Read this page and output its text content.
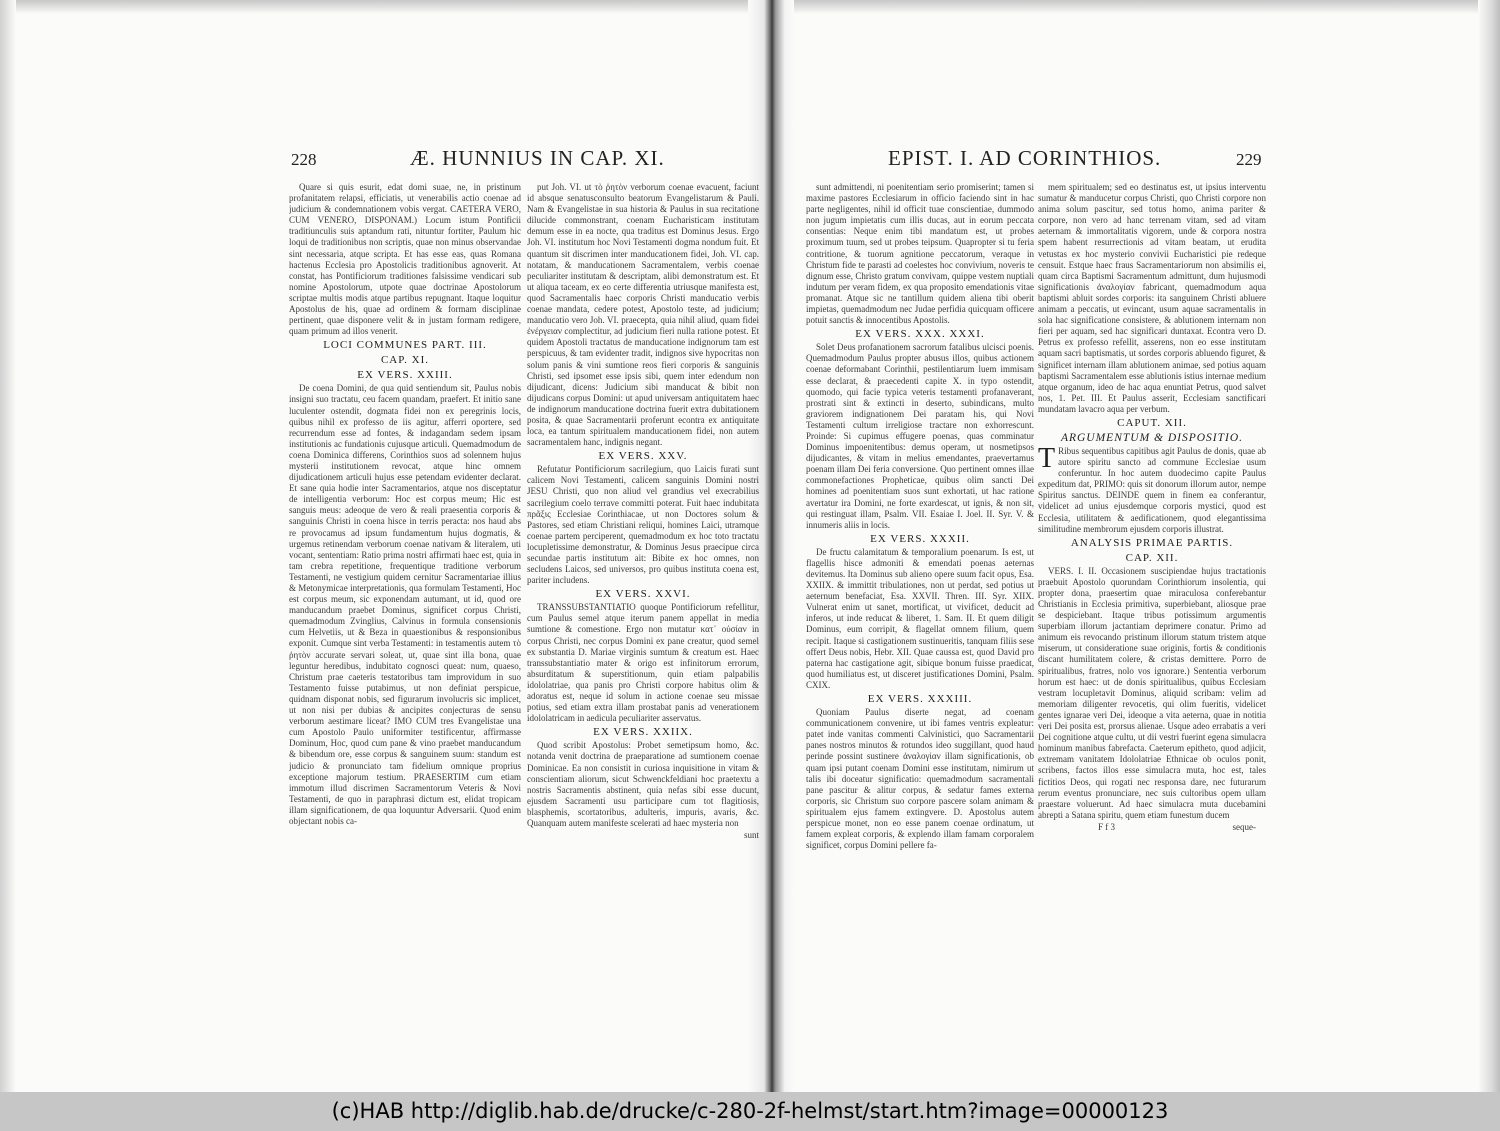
228	Æ. HUNNIUS IN CAP. XI.

Quare si quis esurit, edat domi suae, ne, in pristinum profanitatem relapsi, efficiatis, ut venerabilis actio coenae ad judicium & condemnationem vobis vergat. CAETERA VERO, CUM VENERO, DISPONAM.) Locum istum Pontificii traditiunculis suis aptandum rati, nituntur fortiter, Paulum hic loqui de traditionibus non scriptis, quae non minus observandae sint necessaria, atque scripta. Et has esse eas, quas Romana hactenus Ecclesia pro Apostolicis traditionibus agnoverit. At constat, has Pontificiorum traditiones falsissime vendicari sub nomine Apostolorum, utpote quae doctrinae Apostolorum scriptae multis modis atque partibus repugnant. Itaque loquitur Apostolus de his, quae ad ordinem & formam disciplinae pertinent, quae disponere velit & in justam formam redigere, quam primum ad illos venerit.

LOCI COMMUNES PART. III.
CAP. XI.
EX VERS. XXIII.

De coena Domini, de qua quid sentiendum sit, Paulus nobis insigni suo tractatu, ceu facem quandam, praefert. Et initio sane luculenter ostendit, dogmata fidei non ex peregrinis locis, quibus nihil ex professo de iis agitur, afferri oportere, sed recurrendum esse ad fontes, & indagandam sedem ipsam institutionis ac fundationis cujusque articuli. Quemadmodum de coena Dominica differens, Corinthios suos ad solennem hujus mysterii institutionem revocat, atque hinc omnem dijudicationem articuli hujus esse petendam evidenter declarat. Et sane quia hodie inter Sacramentarios, atque nos disceptatur de intelligentia verborum: Hoc est corpus meum; Hic est sanguis meus: adeoque de vero & reali praesentia corporis & sanguinis Christi in coena hisce in terris peracta: nos haud abs re provocamus ad ipsum fundamentum hujus dogmatis, & urgemus retinendam verborum coenae nativam & literalem, uti vocant, sententiam: Ratio prima nostri affirmati haec est, quia in tam crebra repetitione, frequentique traditione verborum Testamenti, ne vestigium quidem cernitur Sacramentariae illius & Metonymicae interpretationis, qua formulam Testamenti, Hoc est corpus meum, sic exponendam autumant, ut id, quod ore manducandum praebet Dominus, significet corpus Christi, quemadmodum Zvinglius, Calvinus in formula consensionis cum Helvetiis, ut & Beza in quaestionibus & responsionibus exponit. Cumque sint verba Testamenti: in testamentis autem τὸ ῥητὸν accurate servari soleat, ut, quae sint illa bona, quae leguntur heredibus, indubitato cognosci queat: num, quaeso, Christum prae caeteris testatoribus tam improvidum in suo Testamento fuisse putabimus, ut non definiat perspicue, quidnam disponat nobis, sed figurarum involucris sic implicet, ut non nisi per dubias & ancipites conjecturas de sensu verborum aestimare liceat? IMO CUM tres Evangelistae una cum Apostolo Paulo uniformiter testificentur, affirmasse Dominum, Hoc, quod cum pane & vino praebet manducandum & bibendum ore, esse corpus & sanguinem suum: standum est judicio & pronunciato tam fidelium omnique proprius exceptione majorum testium. PRAESERTIM cum etiam immotum illud discrimen Sacramentorum Veteris & Novi Testamenti, de quo in paraphrasi dictum est, elidat tropicam illam significationem, de qua loquuntur Adversarii. Quod enim objectant nobis ca-

put Joh. VI. ut τὸ ῥητὸν verborum coenae evacuent, faciunt id absque senatusconsulto beatorum Evangelistarum & Pauli. Nam & Evangelistae in sua historia & Paulus in sua recitatione dilucide commonstrant, coenam Eucharisticam institutam demum esse in ea nocte, qua traditus est Dominus Jesus. Ergo Joh. VI. institutum hoc Novi Testamenti dogma nondum fuit. Et quantum sit discrimen inter manducationem fidei, Joh. VI. cap. notatam, & manducationem Sacramentalem, verbis coenae peculiariter institutam & descriptam, alibi demonstratum est. Et ut aliqua taceam, ex eo certe differentia utriusque manifesta est, quod Sacramentalis haec corporis Christi manducatio verbis coenae mandata, cedere potest, Apostolo teste, ad judicium; manducatio vero Joh. VI. praecepta, quia nihil aliud, quam fidei ἐνέργειαν complectitur, ad judicium fieri nulla ratione potest. Et quidem Apostoli tractatus de manducatione indignorum tam est perspicuus, & tam evidenter tradit, indignos sive hypocritas non solum panis & vini sumtione reos fieri corporis & sanguinis Christi, sed ipsomet esse ipsis sibi, quem inter edendum non dijudicant, dicens: Judicium sibi manducat & bibit non dijudicans corpus Domini: ut apud universam antiquitatem haec de indignorum manducatione doctrina fuerit extra dubitationem posita, & quae Sacramentarii proferunt econtra ex antiquitate loca, ea tantum spiritualem manducationem fidei, non autem sacramentalem hanc, indignis negant.

EX VERS. XXV.

Refutatur Pontificiorum sacrilegium, quo Laicis furati sunt calicem Novi Testamenti, calicem sanguinis Domini nostri JESU Christi, quo non aliud vel grandius vel execrabilius sacrilegium coelo terrave committi poterat. Fuit haec indubitata πρᾶξις Ecclesiae Corinthiacae, ut non Doctores solum & Pastores, sed etiam Christiani reliqui, homines Laici, utramque coenae partem perciperent, quemadmodum ex hoc toto tractatu locupletissime demonstratur, & Dominus Jesus praecipue circa secundae partis institutum ait: Bibite ex hoc omnes, non secludens Laicos, sed universos, pro quibus instituta coena est, pariter includens.

EX VERS. XXVI.

TRANSSUBSTANTIATIO quoque Pontificiorum refellitur, cum Paulus semel atque iterum panem appellat in media sumtione & comestione. Ergo non mutatur κατ᾽ οὐσίαν in corpus Christi, nec corpus Domini ex pane creatur, quod semel ex substantia D. Mariae virginis sumtum & creatum est. Haec transsubstantiatio mater & origo est infinitorum errorum, absurditatum & superstitionum, quin etiam palpabilis idololatriae, qua panis pro Christi corpore habitus olim & adoratus est, neque id solum in actione coenae seu missae potius, sed etiam extra illam prostabat panis ad venerationem idololatricam in aedicula peculiariter asservatus.

EX VERS. XXIIX.

Quod scribit Apostolus: Probet semetipsum homo, &c. notanda venit doctrina de praeparatione ad sumtionem coenae Dominicae. Ea non consistit in curiosa inquisitione in vitam & conscientiam aliorum, sicut Schwenckfeldiani hoc praetextu a nostris Sacramentis abstinent, quia nefas sibi esse ducunt, ejusdem Sacramenti usu participare cum tot flagitiosis, blasphemis, scortatoribus, adulteris, impuris, avaris, &c. Quanquam autem manifeste scelerati ad haec mysteria non

sunt

EPIST. I. AD CORINTHIOS.	229

sunt admittendi, ni poenitentiam serio promiserint; tamen si maxime pastores Ecclesiarum in officio faciendo sint in hac parte negligentes, nihil id officit tuae conscientiae, dummodo non jugum impietatis cum illis ducas, aut in eorum peccata consentias: Neque enim tibi mandatum est, ut probes proximum tuum, sed ut probes teipsum. Quapropter si tu feria contritione, & tuorum agnitione peccatorum, veraque in Christum fide te parasti ad coelestes hoc convivium, noveris te dignum esse, Christo gratum convivam, quippe vestem nuptiali indutum per veram fidem, ex qua proposito emendationis vitae promanat. Atque sic ne tantillum quidem aliena tibi oberit impietas, quemadmodum nec Judae perfidia quicquam officere potuit sanctis & innocentibus Apostolis.

EX VERS. XXX. XXXI.

Solet Deus profanationem sacrorum fatalibus ulcisci poenis. Quemadmodum Paulus propter abusus illos, quibus actionem coenae deformabant Corinthii, pestilentiarum luem immisam esse declarat, & praecedenti capite X. in typo ostendit, quomodo, qui facie typica veteris testamenti profanaverant, prostrati sint & extincti in deserto, subindicans, multo graviorem indignationem Dei paratam his, qui Novi Testamenti cultum irreligiose tractare non exhorrescunt. Proinde: Si cupimus effugere poenas, quas comminatur Dominus impoenitentibus: demus operam, ut nosmetipsos dijudicantes, & vitam in melius emendantes, praevertamus poenam illam Dei feria conversione. Quo pertinent omnes illae commonefactiones Propheticae, quibus olim sancti Dei homines ad poenitentiam suos sunt exhortati, ut hac ratione avertatur ira Domini, ne forte exardescat, ut ignis, & non sit, qui restinguat illam, Psalm. VII. Esaiae I. Joel. II. Syr. V. & innumeris aliis in locis.

EX VERS. XXXII.

De fructu calamitatum & temporalium poenarum. Is est, ut flagellis hisce admoniti & emendati poenas aeternas devitemus. Ita Dominus sub alieno opere suum facit opus, Esa. XXIIX. & immittit tribulationes, non ut perdat, sed potius ut aeternum benefaciat, Esa. XXVII. Thren. III. Syr. XIIX. Vulnerat enim ut sanet, mortificat, ut vivificet, deducit ad inferos, ut inde reducat & liberet, 1. Sam. II. Et quem diligit Dominus, eum corripit, & flagellat omnem filium, quem recipit. Itaque si castigationem sustinueritis, tanquam filiis sese offert Deus nobis, Hebr. XII. Quae caussa est, quod David pro paterna hac castigatione agit, sibique bonum fuisse praedicat, quod humiliatus est, ut disceret justificationes Domini, Psalm. CXIX.

EX VERS. XXXIII.

Quoniam Paulus diserte negat, ad coenam communicationem convenire, ut ibi fames ventris expleatur: patet inde vanitas commenti Calvinistici, quo Sacramentarii panes nostros minutos & rotundos ideo suggillant, quod haud perinde possint sustinere ἀναλογίαν illam significationis, ob quam ipsi putant coenam Domini esse institutam, nimirum ut talis ibi doceatur significatio: quemadmodum sacramentali pane pascitur & alitur corpus, & sedatur fames externa corporis, sic Christum suo corpore pascere solam animam & spiritualem ejus famem extingvere. D. Apostolus autem perspicue monet, non eo esse panem coenae ordinatum, ut famem expleat corporis, & explendo illam famam corporalem significet, corpus Domini pellere fa-

mem spiritualem; sed eo destinatus est, ut ipsius interventu sumatur & manducetur corpus Christi, quo Christi corpore non anima solum pascitur, sed totus homo, anima pariter & corpore, non vero ad hanc terrenam vitam, sed ad vitam aeternam & immortalitatis vigorem, unde & corpora nostra spem habent resurrectionis ad vitam beatam, ut erudita vetustas ex hoc mysterio convivii Eucharistici pie redeque censuit. Estque haec fraus Sacramentariorum non absimilis ei, quam circa Baptismi Sacramentum admittunt, dum hujusmodi significationis ἀναλογίαν fabricant, quemadmodum aqua baptismi abluit sordes corporis: ita sanguinem Christi abluere animam a peccatis, ut evincant, usum aquae sacramentalis in sola hac significatione consistere, & ablutionem internam non fieri per aquam, sed hac significari duntaxat. Econtra vero D. Petrus ex professo refellit, asserens, non eo esse institutam aquam sacri baptismatis, ut sordes corporis abluendo figuret, & significet internam illam ablutionem animae, sed potius aquam baptismi Sacramentalem esse ablutionis istius internae medium atque organum, ideo de hac aqua enuntiat Petrus, quod salvet nos, 1. Pet. III. Et Paulus asserit, Ecclesiam sanctificari mundatam lavacro aqua per verbum.

CAPUT. XII.
ARGUMENTUM & DISPOSITIO.

T Ribus sequentibus capitibus agit Paulus de donis, quae ab autore spiritu sancto ad commune Ecclesiae usum conferuntur. In hoc autem duodecimo capite Paulus expeditum dat, PRIMO: quis sit donorum illorum autor, nempe Spiritus sanctus. DEINDE quem in finem ea conferantur, videlicet ad unius ejusdemque corporis mystici, quod est Ecclesia, utilitatem & aedificationem, quod elegantissima similitudine membrorum ejusdem corporis illustrat.

ANALYSIS PRIMAE PARTIS.
CAP. XII.

VERS. I. II. Occasionem suscipiendae hujus tractationis praebuit Apostolo quorundam Corinthiorum insolentia, qui propter dona, praesertim quae miraculosa conferebantur Christianis in Ecclesia primitiva, superbiebant, aliosque prae se despiciebant. Itaque tribus potissimum argumentis superbiam illorum jactantiam deprimere conatur. Primo ad animum eis revocando pristinum illorum statum tristem atque miserum, ut consideratione suae originis, fortis & conditionis discant humilitatem colere, & cristas demittere. Porro de spiritualibus, fratres, nolo vos ignorare.) Sententia verborum horum est haec: ut de donis spiritualibus, quibus Ecclesiam vestram locupletavit Dominus, aliquid scribam: velim ad memoriam diligenter revocetis, qui olim fueritis, videlicet gentes ignarae veri Dei, ideoque a vita aeterna, quae in notitia veri Dei posita est, prorsus alienae. Usque adeo errabatis a veri Dei cognitione atque cultu, ut dii vestri fuerint egena simulacra hominum manibus fabrefacta. Caeterum epitheto, quod adjicit, extremam vanitatem Idololatriae Ethnicae ob oculos ponit, scribens, factos illos esse simulacra muta, hoc est, tales fictitios Deos, qui rogati nec responsa dare, nec futurarum rerum eventus pronunciare, nec suis cultoribus opem ullam praestare voluerunt. Ad haec simulacra muta ducebamini abrepti a Satana spiritu, quem etiam funestum ducem

F f 3	seque-

(c)HAB http://diglib.hab.de/drucke/c-280-2f-helmst/start.htm?image=00000123
